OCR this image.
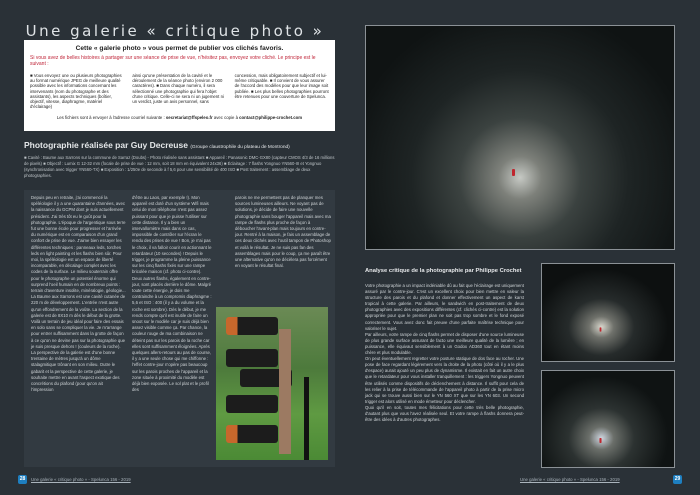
Une galerie « critique photo »
Cette « galerie photo » vous permet de publier vos clichés favoris.
Si vous avez de belles histoires à partager sur une séance de prise de vue, n'hésitez pas, envoyez votre cliché. Le principe est le suivant :
■ Vous envoyez une ou plusieurs photographies au format numérique JPEG de meilleure qualité possible avec les informations concernant les intervenants (nom du photographe et des assistants), les aspects techniques (boîtier, objectif, vitesse, diaphragme, matériel d'éclairage)
ainsi qu'une présentation de la cavité et le déroulement de la séance photo (environ 2 000 caractères). ■ Dans chaque numéro, il sera sélectionné une photographie qui fera l'objet d'une critique. Celle-ci ne sera ni un jugement ni un verdict, juste un avis personnel, sans
concession, mais obligatoirement subjectif et lui-même critiquable. ■ Il convient de vous assurer de l'accord des modèles pour que leur image soit publiée. ■ Les plus belles photographies pourront être retenues pour une couverture de Spelunca.
Les fichiers sont à envoyer à l'adresse courriel suivante : secretariat@ffspeleo.fr avec copie à contact@philippe-crochet.com
Photographie réalisée par Guy Decreuse (Groupe claustrophile du plateau de Montrond)
■ Cavité : Baume aux Sarrons sur la commune de Sarraz (Doubs) - Photo réalisée sans assistant ■ Appareil : Panasonic DMC-GX80 (capteur CMOS 4/3 de 16 millions de pixels) ■ Objectif : Lumix G 12-32 mm (focale de prise de vue : 12 mm, soit 18 mm en équivalent 24x36) ■ Éclairage : 7 flashs Yongnuo YN560-III et Yongnuo (synchronisation avec trigger YN560-TX) ■ Exposition : 1/250e de seconde à f 5,6 pour une sensibilité de 400 ISO ■ Post traitement : assemblage de deux photographies.
Depuis peu en retraite, j'ai commencé la spéléologie il y a une quarantaine d'années, avec la naissance du GCPM dont je suis actuellement président. J'ai très tôt eu le goût pour la photographie. L'époque de l'argentique sous terre fut une bonne école pour progresser et l'arrivée du numérique est en comparaison d'un grand confort de prise de vue. J'aime bien essayer les différentes techniques : panneaux leds, torches leds en light painting et les flashs bien sûr. Pour moi, la spéléologie est un espace de liberté incomparable, en décalage complet avec les codes de la surface. Le milieu souterrain offre pour le photographe un potentiel énorme qui surprend l'oeil humain en de nombreux points : terrain d'aventure insolite, minéralogie, géologie... La Baume aux Sarrons est une cavité cutanée de 220 m de développement. L'entrée n'est autre qu'un effondrement de la voûte. La section de la galerie est de 8X10 m dès le début de la grotte. Voilà un terrain de jeu idéal pour faire des essais en solo sans se compliquer la vie. Je m'arrange pour entrer suffisamment dans la grotte de façon à ce qu'on ne devine pas sur la photographie que je suis presque dehors ! (couleurs de la roche). La perspective de la galerie est d'une bonne trentaine de mètres jusqu'à un dôme stalagmitique trônant en son milieu. Outre le gabarit et la perspective de cette galerie, je souhaite mettre en avant l'aspect exotique des concrétions du plafond (pour qu'on ait l'impression
d'être au Laos, par exemple !). Mon appareil est doté d'un système Wifi mais celui de mon téléphone n'est pas assez puissant pour que je puisse l'utiliser sur cette distance. Il y a bien un intervallomètre mais dans ce cas, impossible de contrôler sur l'écran le rendu des prises de vue ! Bon, je n'ai pas le choix, il va falloir courir en actionnant le retardateur (10 secondes) ! Depuis le trigger, je programme la pleine puissance sur les cinq flashs fixés sur une rampe bricolée maison (cf. photo ci-contre). Deux autres flashs, également en contre-jour, sont placés derrière le dôme. Malgré toute cette énergie, je dois me contraindre à un compromis diaphragme : 5,6 et ISO : 400 (il y a du volume et la roche est sombre). Dès le début, je me rends compte qu'il est inutile de faire un snoot sur le modèle car je suis déjà bien assez visible comme ça. Par chance, la couleur rouge de ma combinaison ne déteint pas sur les parois de la roche car elles sont suffisamment éloignées. Après quelques allers-retours au pas de course, il y a une seule chose qui me chiffonne : l'effet contre-jour n'opère pas beaucoup sur les parois proches de l'appareil et la zone située à proximité du modèle est déjà bien exposée. Le sol plat et le profil des
parois ne me permettent pas de planquer mes sources lumineuses ailleurs. Ne voyant pas de solutions, je décide de faire une nouvelle photographie sans bouger l'appareil mais avec ma rampe de flashs plus proche de façon à déboucher l'avant-plan mais toujours en contre-jour. Rentré à la maison, je fais un assemblage de ces deux clichés avec l'outil tampon de Photoshop et voilà le résultat. Je ne suis pas fan des assemblages mais pour le coup, ça me paraît être une alternative qu'on ne décèlera pas forcément en voyant le résultat final.
28	Une galerie « critique photo » - Spelunca 156 - 2019
Analyse critique de la photographie par Philippe Crochet

Votre photographie a un impact indéniable dû au fait que l'éclairage est uniquement assuré par le contre-jour. C'est un excellent choix pour bien mettre en valeur la structure des parois et du plafond et donner effectivement un aspect de karst tropical à cette galerie. Par ailleurs, le sandwich en post-traitement de deux photographies avec des expositions différentes (cf. clichés ci-contre) est la solution appropriée pour que le premier plan ne soit pas trop sombre et le fond exposé correctement. Vous avez donc fait preuve d'une parfaite maîtrise technique pour valoriser le sujet.

Par ailleurs, votre rampe de cinq flashs permet de disposer d'une source lumineuse de plus grande surface assurant de facto une meilleure qualité de la lumière ; en puissance, elle équivaut sensiblement à un Godox AD360 tout en étant moins chère et plus modulable.

On peut éventuellement regretter votre posture statique de dos face au rocher. Une pose de face regardant légèrement vers la droite de la photo (côté où il y a le plus d'espace) aurait ajouté un peu plus de dynamisme. Il existait en fait un autre choix que le retardateur pour vous installer tranquillement : les triggers Yongnuo peuvent être utilisés comme dispositifs de déclenchement à distance. Il suffit pour cela de les relier à la prise de télécommande de l'appareil photo à partir de la prise micro jack qui se trouve aussi bien sur le YN 560 XT que sur les YN 603. Un second trigger est alors utilisé en mode émetteur pour déclencher.

Quoi qu'il en soit, toutes mes félicitations pour cette très belle photographie, d'autant plus que vous l'avez réalisée seul. Et votre rampe à flashs donnera peut-être des idées à d'autres photographes.

Une galerie « critique photo » - Spelunca 156 - 2019	29
